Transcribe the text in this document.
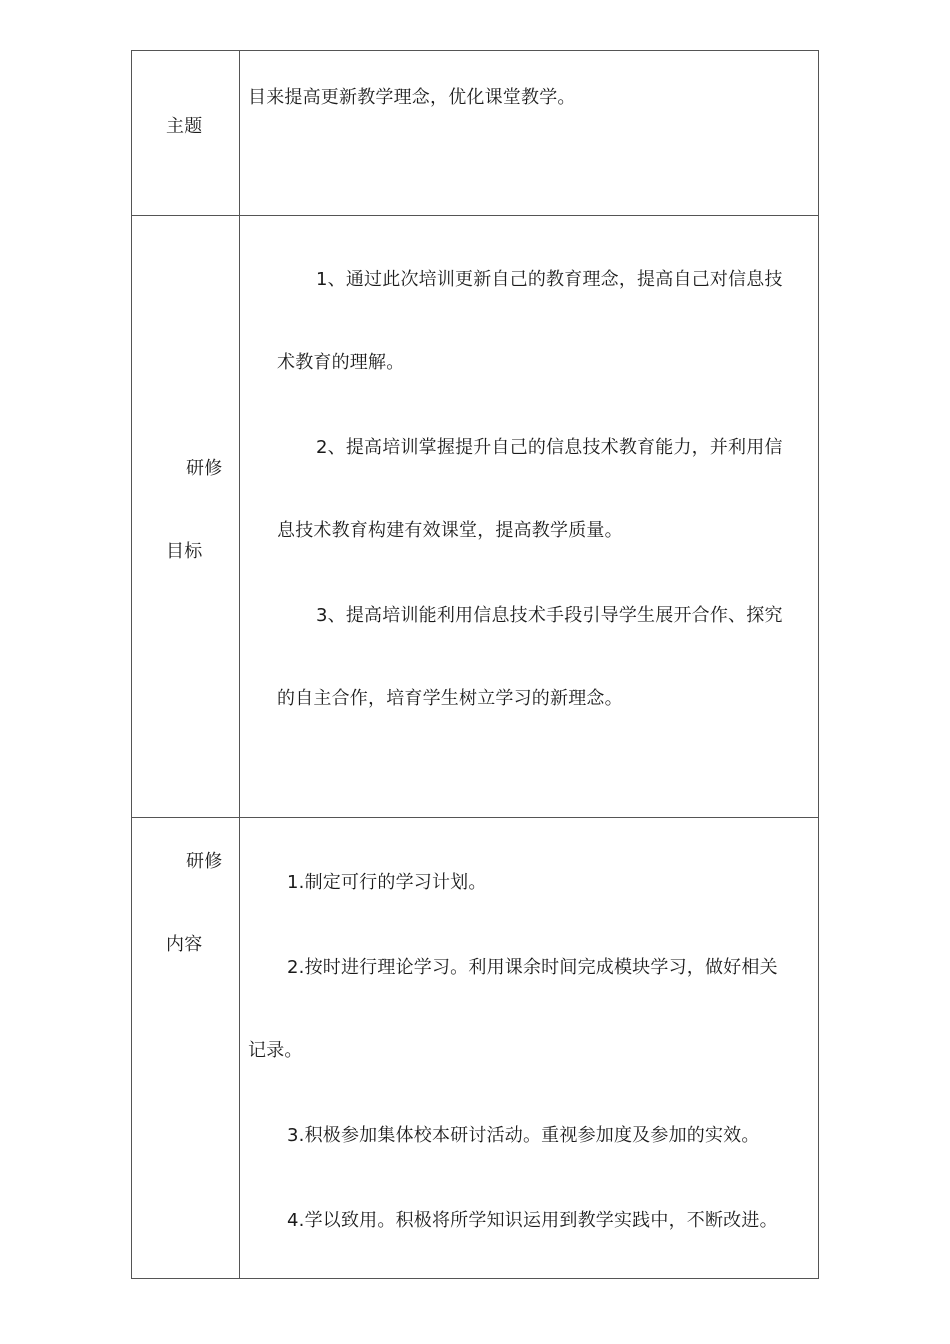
主题
目来提高更新教学理念，优化课堂教学。
研修
目标
1、通过此次培训更新自己的教育理念，提高自己对信息技
术教育的理解。
2、提高培训掌握提升自己的信息技术教育能力，并利用信
息技术教育构建有效课堂，提高教学质量。
3、提高培训能利用信息技术手段引导学生展开合作、探究
的自主合作，培育学生树立学习的新理念。
研修
内容
1.制定可行的学习计划。
2.按时进行理论学习。利用课余时间完成模块学习，做好相关
记录。
3.积极参加集体校本研讨活动。重视参加度及参加的实效。
4.学以致用。积极将所学知识运用到教学实践中，不断改进。
